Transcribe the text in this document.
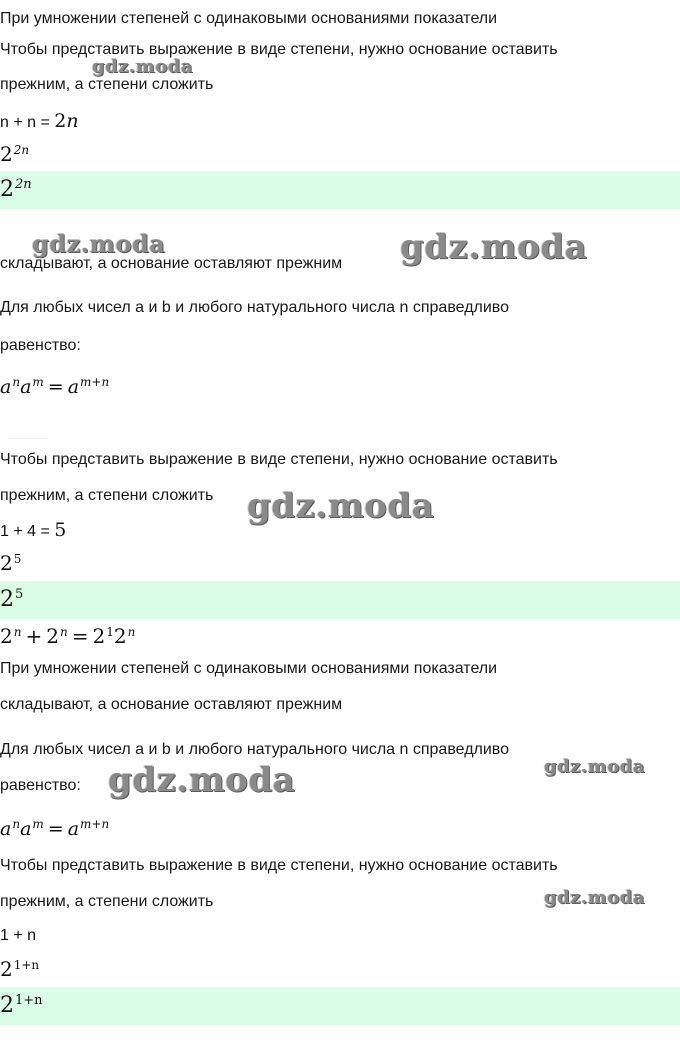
При умножении степеней с одинаковыми основаниями показатели
Чтобы представить выражение в виде степени, нужно основание оставить
прежним, а степени сложить
n + n = 2n
$2^{2n}$
$2^{2n}$
складывают, а основание оставляют прежним
Для любых чисел a и b и любого натурального числа n справедливо
равенство:
$a^na^m = a^{m+n}$
Чтобы представить выражение в виде степени, нужно основание оставить
прежним, а степени сложить
1 + 4 = 5
$2^5$
$2^5$
$2^n + 2^n = 2^12^n$
При умножении степеней с одинаковыми основаниями показатели
складывают, а основание оставляют прежним
Для любых чисел a и b и любого натурального числа n справедливо
равенство:
$a^na^m = a^{m+n}$
Чтобы представить выражение в виде степени, нужно основание оставить
прежним, а степени сложить
1 + n
$2^{1+n}$
$2^{1+n}$
gdz.moda
gdz.moda	gdz.moda
gdz.moda
gdz.moda	gdz.moda
gdz.moda
